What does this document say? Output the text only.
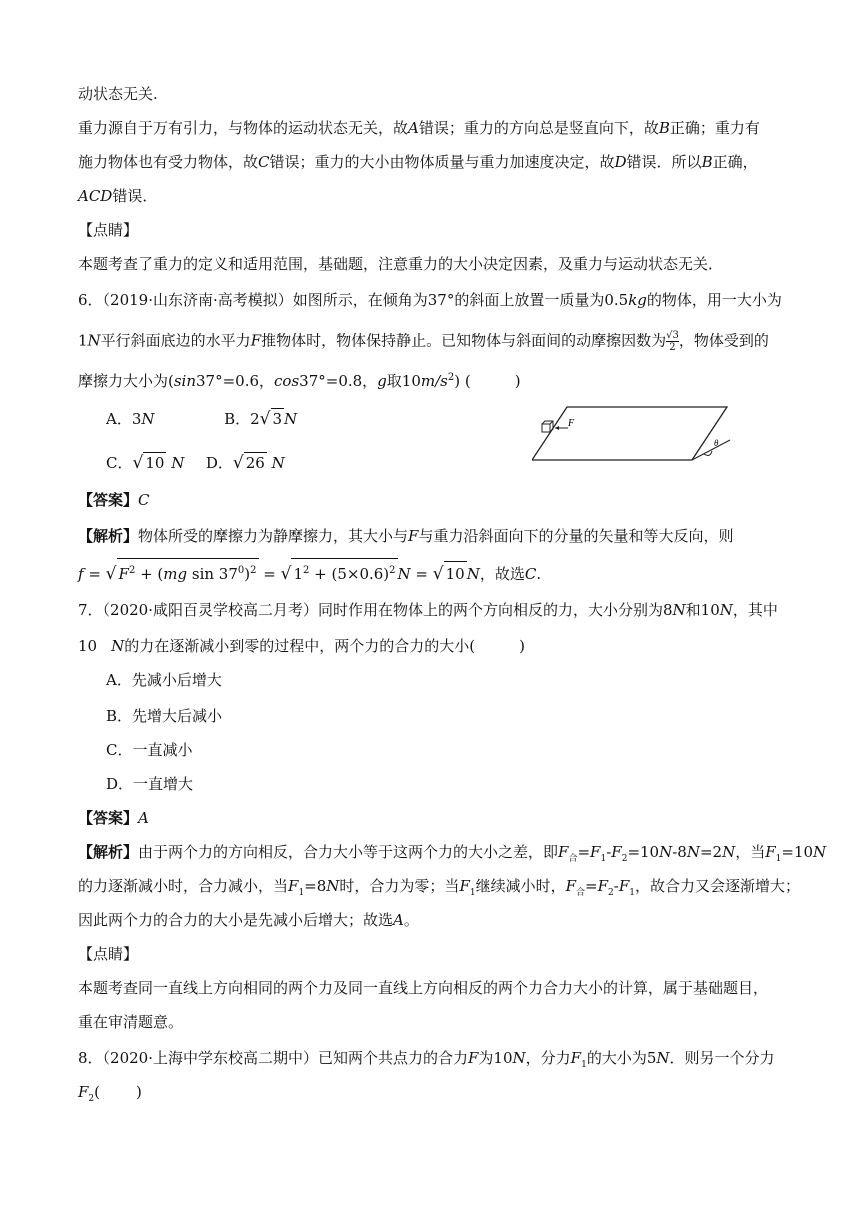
动状态无关.
重力源自于万有引力，与物体的运动状态无关，故A错误；重力的方向总是竖直向下，故B正确；重力有
施力物体也有受力物体，故C错误；重力的大小由物体质量与重力加速度决定，故D错误．所以B正确，
ACD错误．
【点睛】
本题考查了重力的定义和适用范围，基础题，注意重力的大小决定因素，及重力与运动状态无关．
6．（2019·山东济南·高考模拟）如图所示，在倾角为37°的斜面上放置一质量为0.5kg的物体，用一大小为
1N平行斜面底边的水平力F推物体时，物体保持静止。已知物体与斜面间的动摩擦因数为 $\frac{√3}{2}$ ，物体受到的
摩擦力大小为(sin37°=0.6，cos37°=0.8，g取$10m/s^2$) (	)
A．3N	B．2√ 3 N
C．√ 10 N D．√ 26 N
F
θ
【答案】C
【解析】物体所受的摩擦力为静摩擦力，其大小与F与重力沿斜面向下的分量的矢量和等大反向，则
f = √ $F^2 + (mg$ $\sin 37^0)^2$ = √ $1^2 + (5\times 0.6)^2$ N = √ 10 N，故选C.
7．（2020·咸阳百灵学校高二月考）同时作用在物体上的两个方向相反的力，大小分别为8N和10N，其中
10 N的力在逐渐减小到零的过程中，两个力的合力的大小(	)
A．先减小后增大
B．先增大后减小
C．一直减小
D．一直增大
【答案】A
【解析】由于两个力的方向相反，合力大小等于这两个力的大小之差，即$F_合=F_1-F_2=10N-8N=2N$，当$F_1=10N$
的力逐渐减小时，合力减小，当$F_1=8N$时，合力为零；当$F_1$继续减小时，$F_合=F_2-F_1$，故合力又会逐渐增大；
因此两个力的合力的大小是先减小后增大；故选A。
【点睛】
本题考查同一直线上方向相同的两个力及同一直线上方向相反的两个力合力大小的计算，属于基础题目，
重在审清题意。
8．（2020·上海中学东校高二期中）已知两个共点力的合力F为10N，分力$F_1$的大小为5N．则另一个分力
$F_2$( )
